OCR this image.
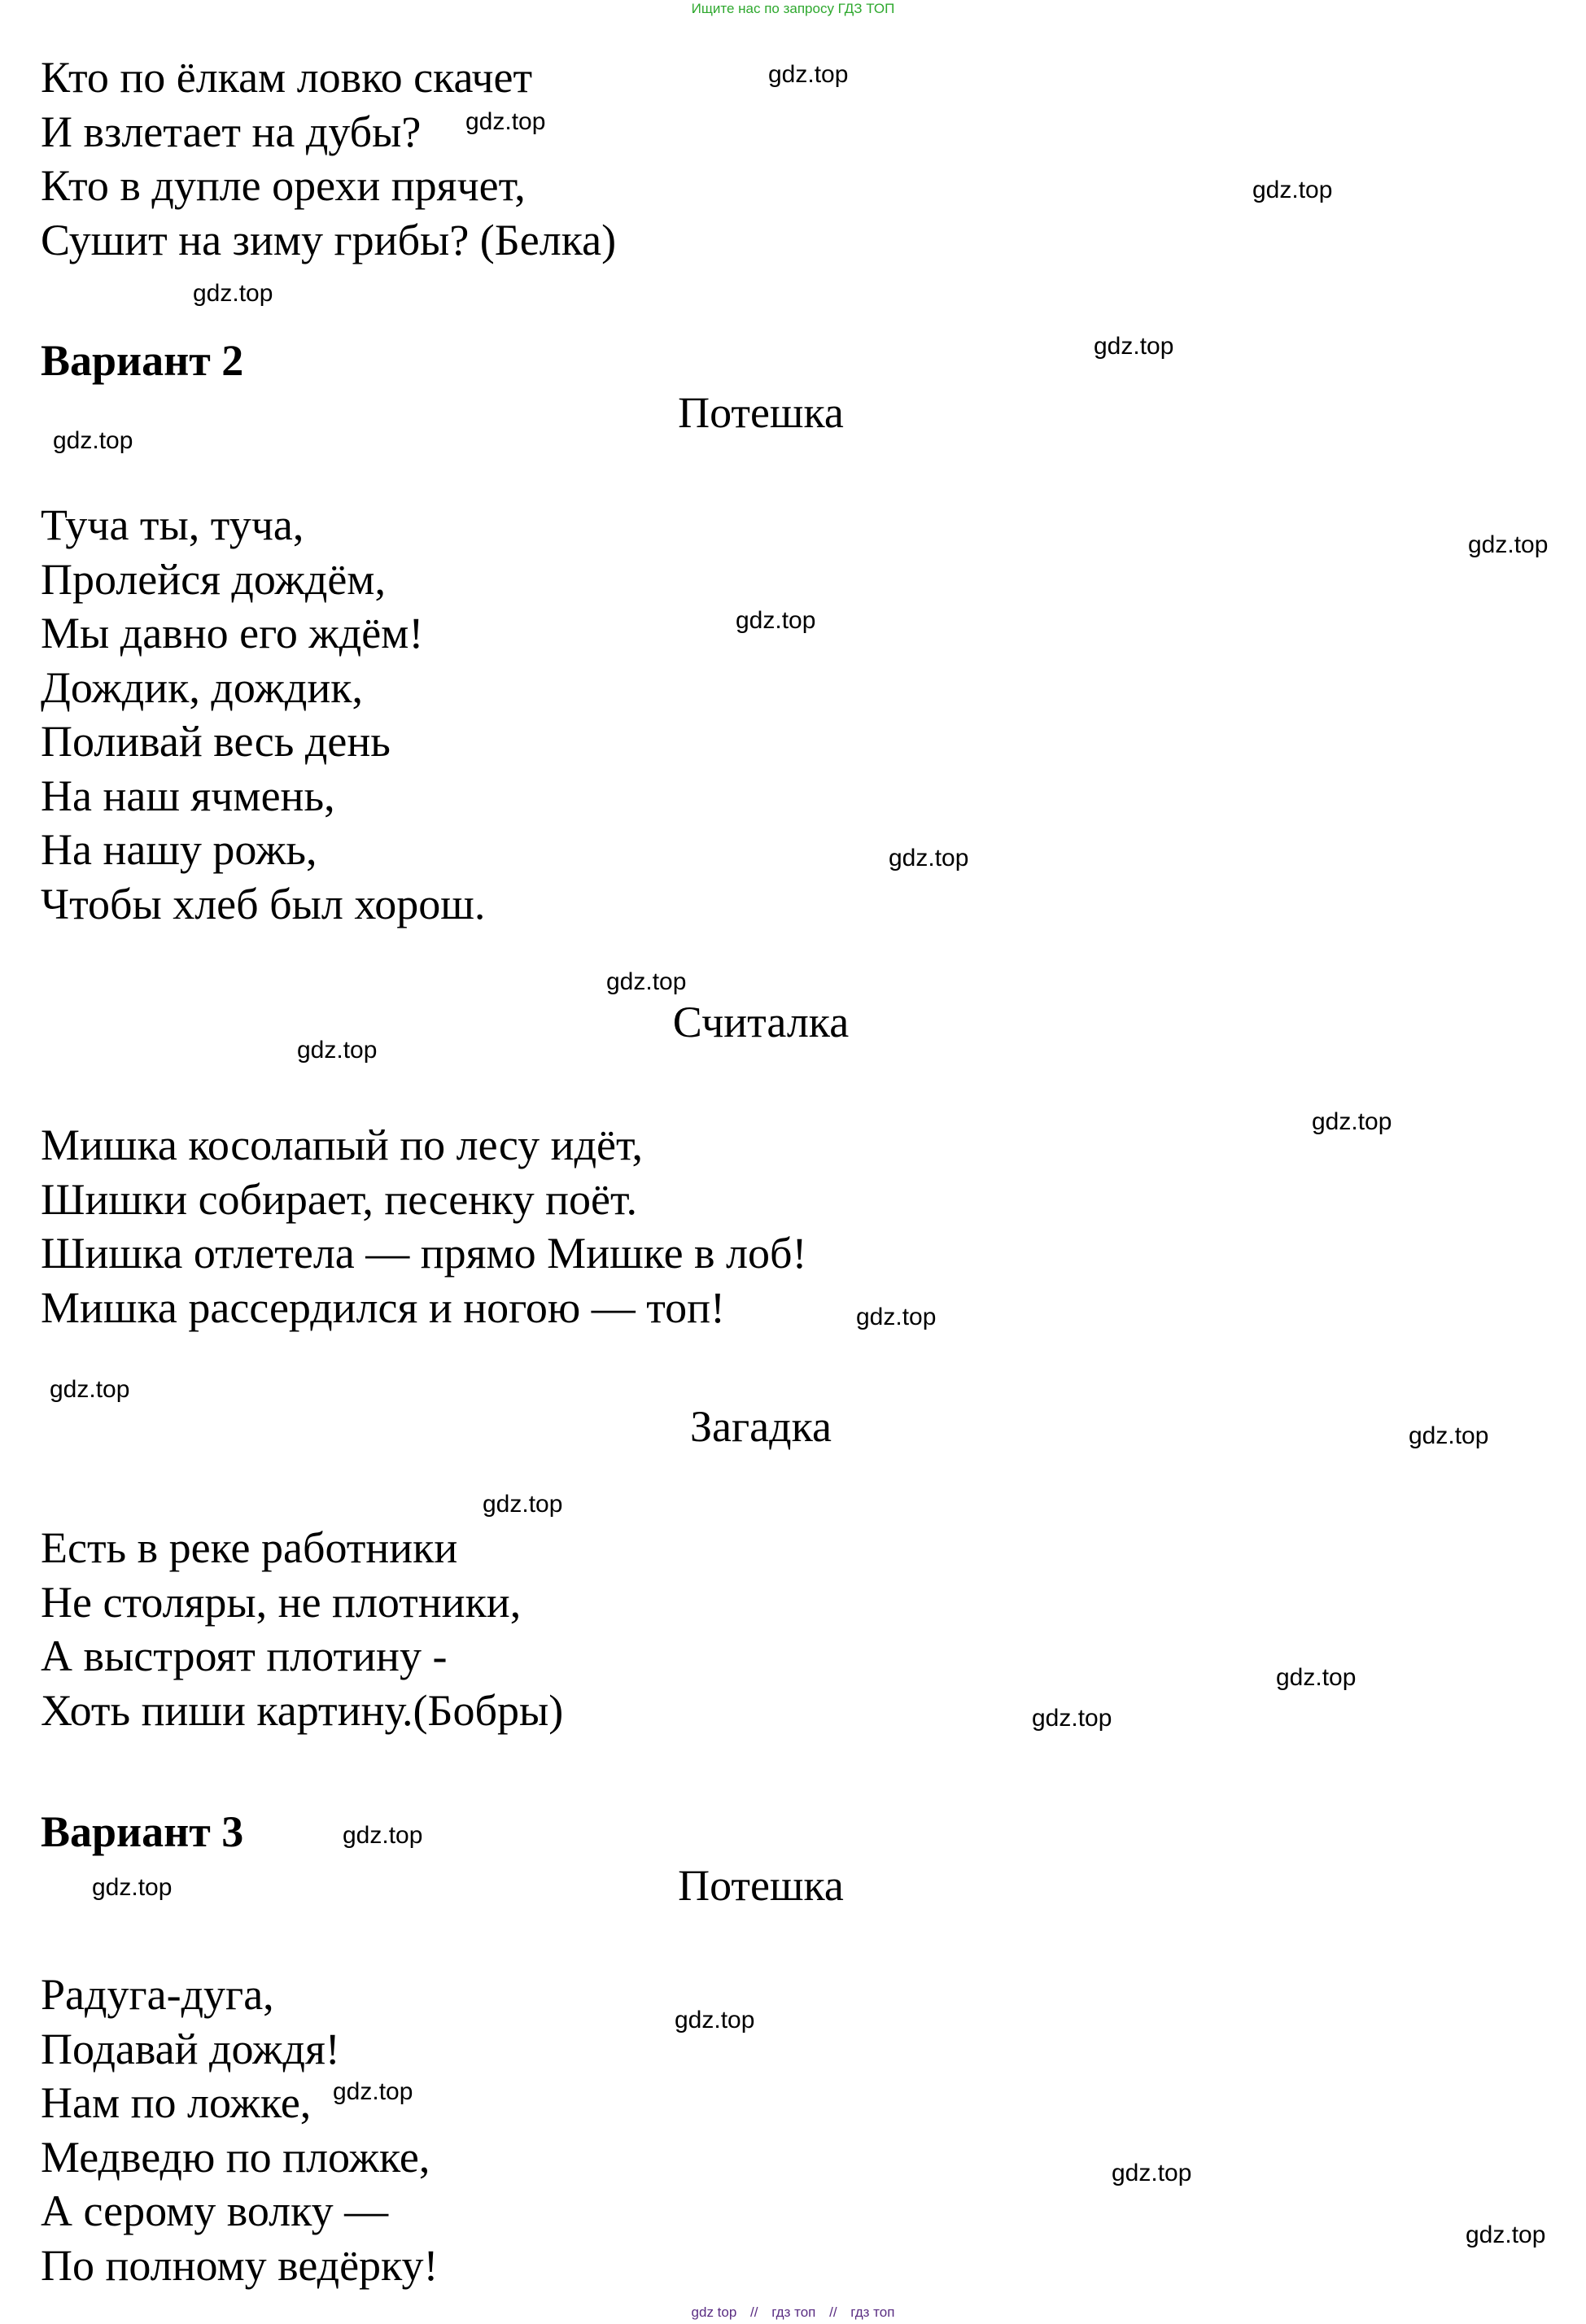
Ищите нас по запросу ГДЗ ТОП
Кто по ёлкам ловко скачет
И взлетает на дубы?
Кто в дупле орехи прячет,
Сушит на зиму грибы? (Белка)
Вариант 2
Потешка
Туча ты, туча,
Пролейся дождём,
Мы давно его ждём!
Дождик, дождик,
Поливай весь день
На наш ячмень,
На нашу рожь,
Чтобы хлеб был хорош.
Считалка
Мишка косолапый по лесу идёт,
Шишки собирает, песенку поёт.
Шишка отлетела — прямо Мишке в лоб!
Мишка рассердился и ногою — топ!
Загадка
Есть в реке работники
Не столяры, не плотники,
А выстроят плотину -
Хоть пиши картину.(Бобры)
Вариант 3
Потешка
Радуга-дуга,
Подавай дождя!
Нам по ложке,
Медведю по пложке,
А серому волку —
По полному ведёрку!
gdz.top
gdz.top
gdz.top
gdz.top
gdz.top
gdz.top
gdz.top
gdz.top
gdz.top
gdz.top
gdz.top
gdz.top
gdz.top
gdz.top
gdz.top
gdz.top
gdz.top
gdz.top
gdz.top
gdz.top
gdz.top
gdz.top
gdz.top
gdz.top
gdz top // гдз топ // гдз топ
